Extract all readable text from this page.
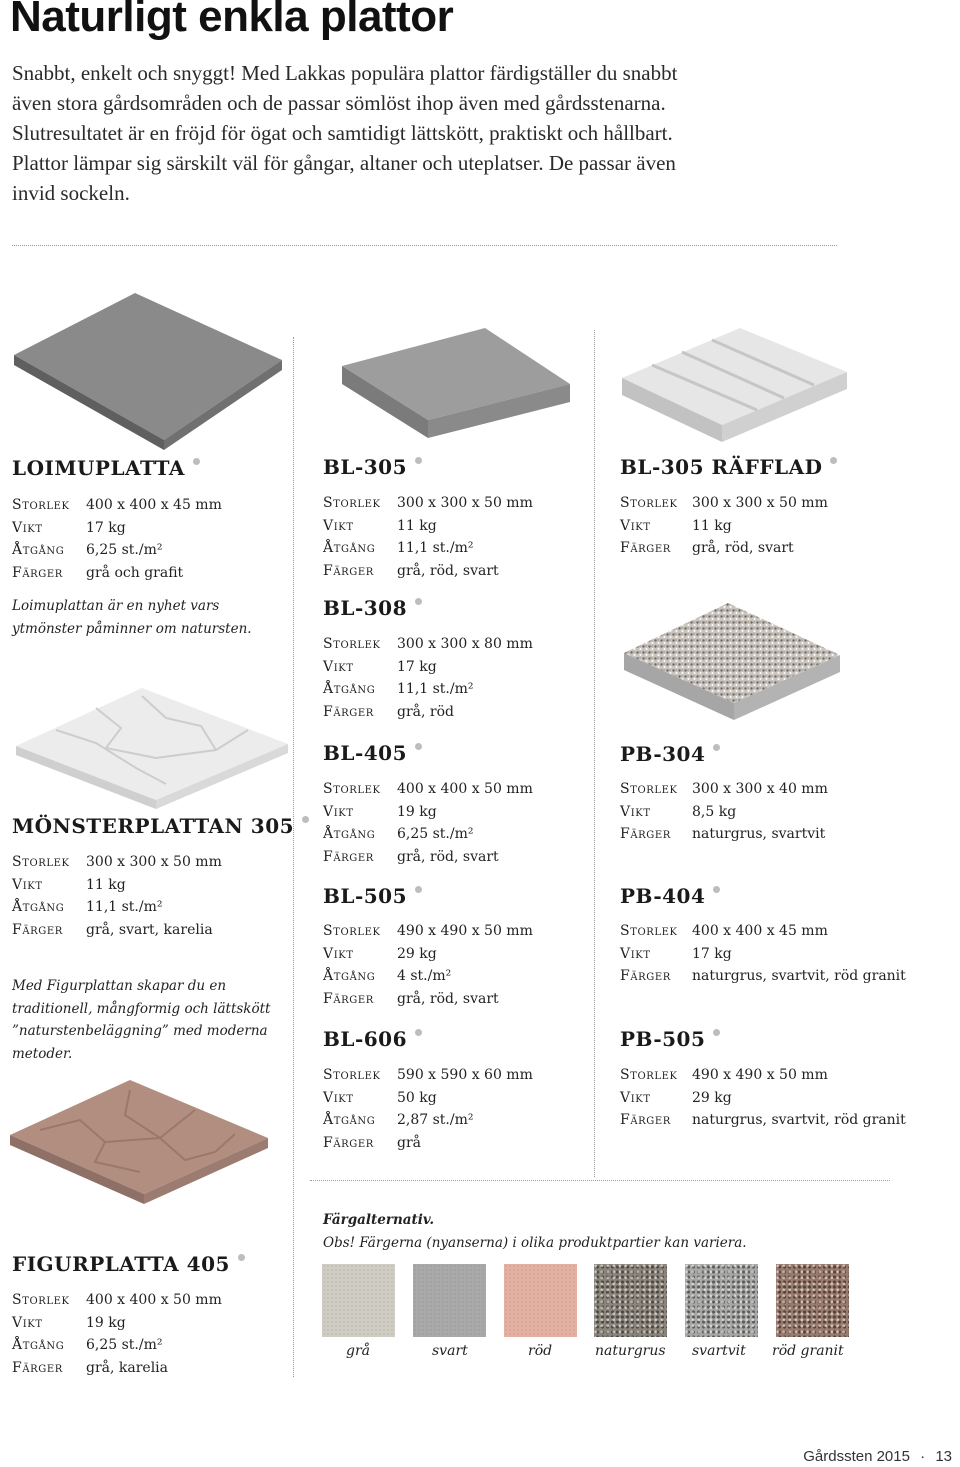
Naturligt enkla plattor

Snabbt, enkelt och snyggt! Med Lakkas populära plattor färdigställer du snabbt även stora gårdsområden och de passar sömlöst ihop även med gårdsstenarna. Slutresultatet är en fröjd för ögat och samtidigt lättskött, praktiskt och hållbart. Plattor lämpar sig särskilt väl för gångar, altaner och uteplatser. De passar även invid sockeln.

LOIMUPLATTA
Storlek	400 x 400 x 45 mm
Vikt	17 kg
Åtgång	6,25 st./m²
Färger	grå och grafit
Loimuplattan är en nyhet vars ytmönster påminner om natursten.
MÖNSTERPLATTAN 305
Storlek	300 x 300 x 50 mm
Vikt	11 kg
Åtgång	11,1 st./m²
Färger	grå, svart, karelia
Med Figurplattan skapar du en traditionell, mångformig och lättskött ”naturstenbeläggning” med moderna metoder.
FIGURPLATTA 405
Storlek	400 x 400 x 50 mm
Vikt	19 kg
Åtgång	6,25 st./m²
Färger	grå, karelia
BL-305
Storlek	300 x 300 x 50 mm
Vikt	11 kg
Åtgång	11,1 st./m²
Färger	grå, röd, svart
BL-308
Storlek	300 x 300 x 80 mm
Vikt	17 kg
Åtgång	11,1 st./m²
Färger	grå, röd
BL-405
Storlek	400 x 400 x 50 mm
Vikt	19 kg
Åtgång	6,25 st./m²
Färger	grå, röd, svart
BL-505
Storlek	490 x 490 x 50 mm
Vikt	29 kg
Åtgång	4 st./m²
Färger	grå, röd, svart
BL-606
Storlek	590 x 590 x 60 mm
Vikt	50 kg
Åtgång	2,87 st./m²
Färger	grå
BL-305 RÄFFLAD
Storlek	300 x 300 x 50 mm
Vikt	11 kg
Färger	grå, röd, svart
PB-304
Storlek	300 x 300 x 40 mm
Vikt	8,5 kg
Färger	naturgrus, svartvit
PB-404
Storlek	400 x 400 x 45 mm
Vikt	17 kg
Färger	naturgrus, svartvit, röd granit
PB-505
Storlek	490 x 490 x 50 mm
Vikt	29 kg
Färger	naturgrus, svartvit, röd granit
Färgalternativ.
Obs! Färgerna (nyanserna) i olika produktpartier kan variera.
grå	svart	röd	naturgrus svartvit röd granit
Gårdssten 2015 · 13
